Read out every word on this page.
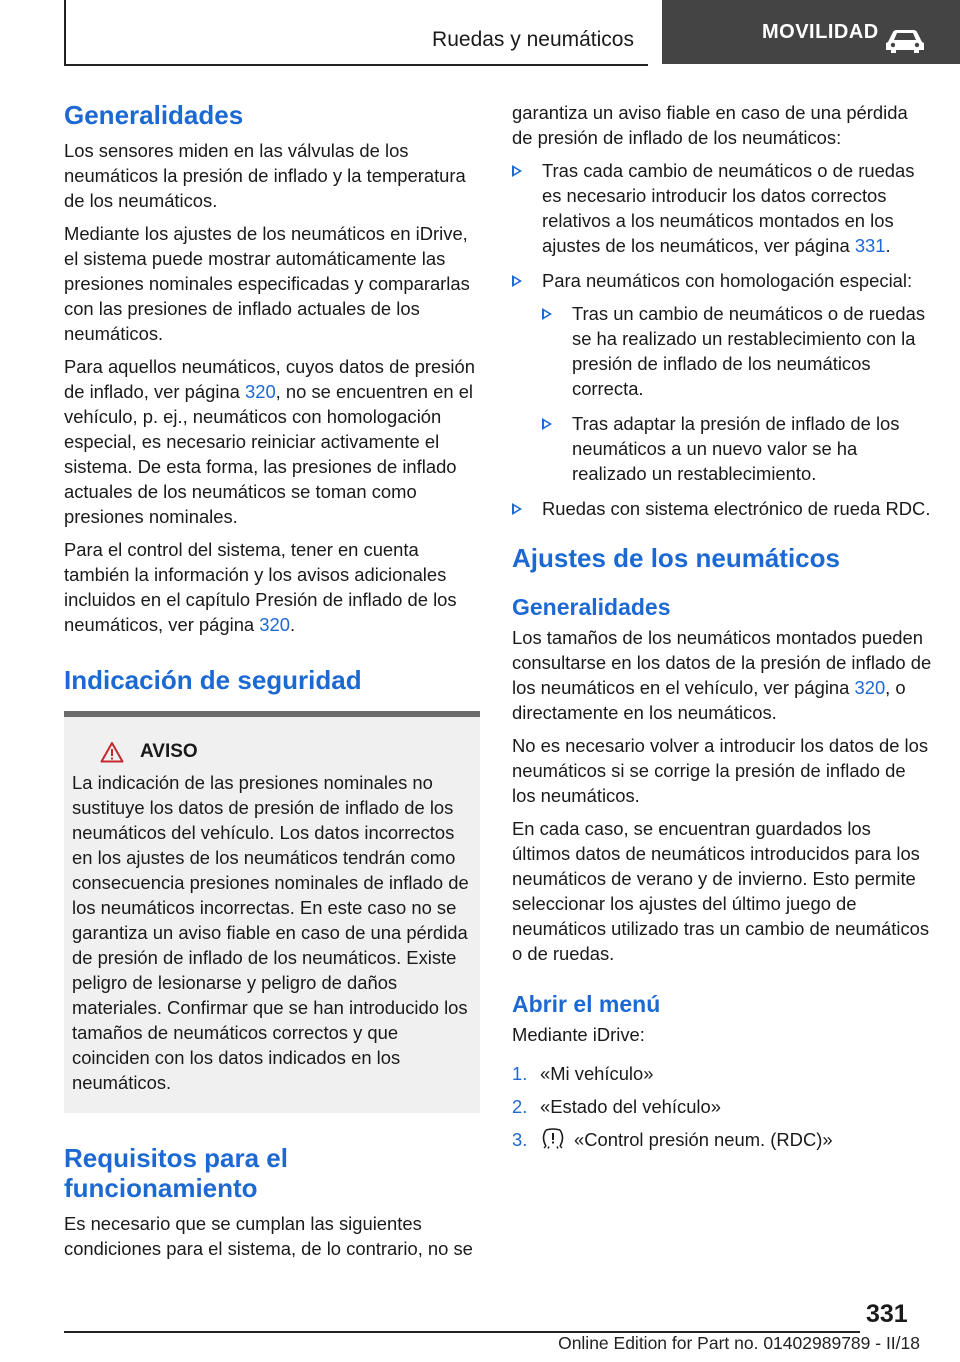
Ruedas y neumáticos	MOVILIDAD
Generalidades

Los sensores miden en las válvulas de los neumáticos la presión de inflado y la temperatura de los neumáticos.

Mediante los ajustes de los neumáticos en iDrive, el sistema puede mostrar automáticamente las presiones nominales especificadas y compararlas con las presiones de inflado actuales de los neumáticos.

Para aquellos neumáticos, cuyos datos de presión de inflado, ver página 320, no se encuentren en el vehículo, p. ej., neumáticos con homologación especial, es necesario reiniciar activamente el sistema. De esta forma, las presiones de inflado actuales de los neumáticos se toman como presiones nominales.

Para el control del sistema, tener en cuenta también la información y los avisos adicionales incluidos en el capítulo Presión de inflado de los neumáticos, ver página 320.

Indicación de seguridad
AVISO

La indicación de las presiones nominales no sustituye los datos de presión de inflado de los neumáticos del vehículo. Los datos incorrectos en los ajustes de los neumáticos tendrán como consecuencia presiones nominales de inflado de los neumáticos incorrectas. En este caso no se garantiza un aviso fiable en caso de una pérdida de presión de inflado de los neumáticos. Existe peligro de lesionarse y peligro de daños materiales. Confirmar que se han introducido los tamaños de neumáticos correctos y que coinciden con los datos indicados en los neumáticos.

Requisitos para el funcionamiento

Es necesario que se cumplan las siguientes condiciones para el sistema, de lo contrario, no se

garantiza un aviso fiable en caso de una pérdida de presión de inflado de los neumáticos:

Tras cada cambio de neumáticos o de ruedas es necesario introducir los datos correctos relativos a los neumáticos montados en los ajustes de los neumáticos, ver página 331.
Para neumáticos con homologación especial:
Tras un cambio de neumáticos o de ruedas se ha realizado un restablecimiento con la presión de inflado de los neumáticos correcta.
Tras adaptar la presión de inflado de los neumáticos a un nuevo valor se ha realizado un restablecimiento.
Ruedas con sistema electrónico de rueda RDC.
Ajustes de los neumáticos
Generalidades

Los tamaños de los neumáticos montados pueden consultarse en los datos de la presión de inflado de los neumáticos en el vehículo, ver página 320, o directamente en los neumáticos.

No es necesario volver a introducir los datos de los neumáticos si se corrige la presión de inflado de los neumáticos.

En cada caso, se encuentran guardados los últimos datos de neumáticos introducidos para los neumáticos de verano y de invierno. Esto permite seleccionar los ajustes del último juego de neumáticos utilizado tras un cambio de neumáticos o de ruedas.

Abrir el menú

Mediante iDrive:

1. «Mi vehículo»
2. «Estado del vehículo»
3.	«Control presión neum. (RDC)»
331
Online Edition for Part no. 01402989789 - II/18
